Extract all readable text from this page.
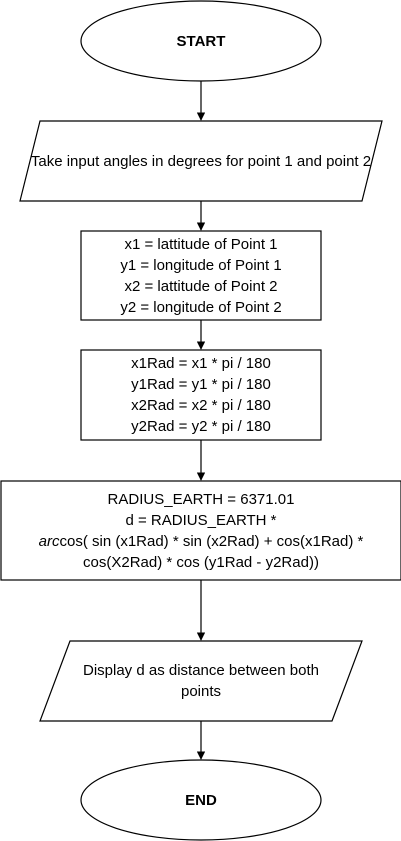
START
Take input angles in degrees for point 1 and point 2
x1 = lattitude of Point 1
y1 = longitude of Point 1
x2 = lattitude of Point 2
y2 = longitude of Point 2
x1Rad = x1 * pi / 180
y1Rad = y1 * pi / 180
x2Rad = x2 * pi / 180
y2Rad = y2 * pi / 180
RADIUS_EARTH = 6371.01
d = RADIUS_EARTH *
arccos( sin (x1Rad) * sin (x2Rad) + cos(x1Rad) *
cos(X2Rad) * cos (y1Rad - y2Rad))
Display d as distance between both points
END
